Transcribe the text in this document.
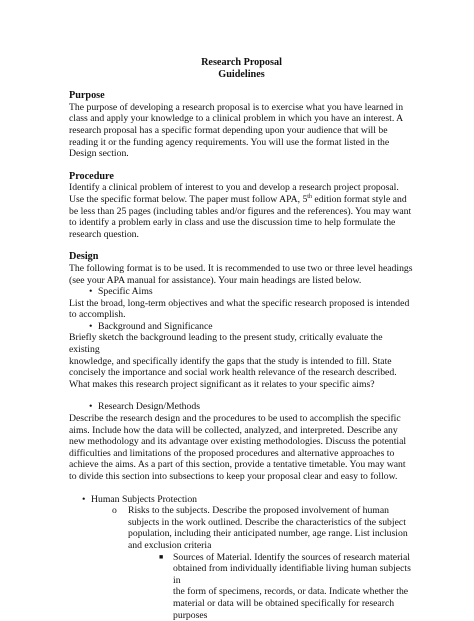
Research Proposal
Guidelines
Purpose

The purpose of developing a research proposal is to exercise what you have learned in

class and apply your knowledge to a clinical problem in which you have an interest. A

research proposal has a specific format depending upon your audience that will be

reading it or the funding agency requirements. You will use the format listed in the

Design section.

Procedure

Identify a clinical problem of interest to you and develop a research project proposal.

Use the specific format below. The paper must follow APA, 5th edition format style and

be less than 25 pages (including tables and/or figures and the references). You may want

to identify a problem early in class and use the discussion time to help formulate the

research question.

Design

The following format is to be used. It is recommended to use two or three level headings

(see your APA manual for assistance). Your main headings are listed below.

• Specific Aims

List the broad, long-term objectives and what the specific research proposed is intended

to accomplish.

• Background and Significance

Briefly sketch the background leading to the present study, critically evaluate the existing

knowledge, and specifically identify the gaps that the study is intended to fill. State

concisely the importance and social work health relevance of the research described.

What makes this research project significant as it relates to your specific aims?

• Research Design/Methods

Describe the research design and the procedures to be used to accomplish the specific

aims. Include how the data will be collected, analyzed, and interpreted. Describe any

new methodology and its advantage over existing methodologies. Discuss the potential

difficulties and limitations of the proposed procedures and alternative approaches to

achieve the aims. As a part of this section, provide a tentative timetable. You may want

to divide this section into subsections to keep your proposal clear and easy to follow.

• Human Subjects Protection

o Risks to the subjects. Describe the proposed involvement of human

subjects in the work outlined. Describe the characteristics of the subject

population, including their anticipated number, age range. List inclusion

and exclusion criteria

■ Sources of Material. Identify the sources of research material

obtained from individually identifiable living human subjects in

the form of specimens, records, or data. Indicate whether the

material or data will be obtained specifically for research purposes
